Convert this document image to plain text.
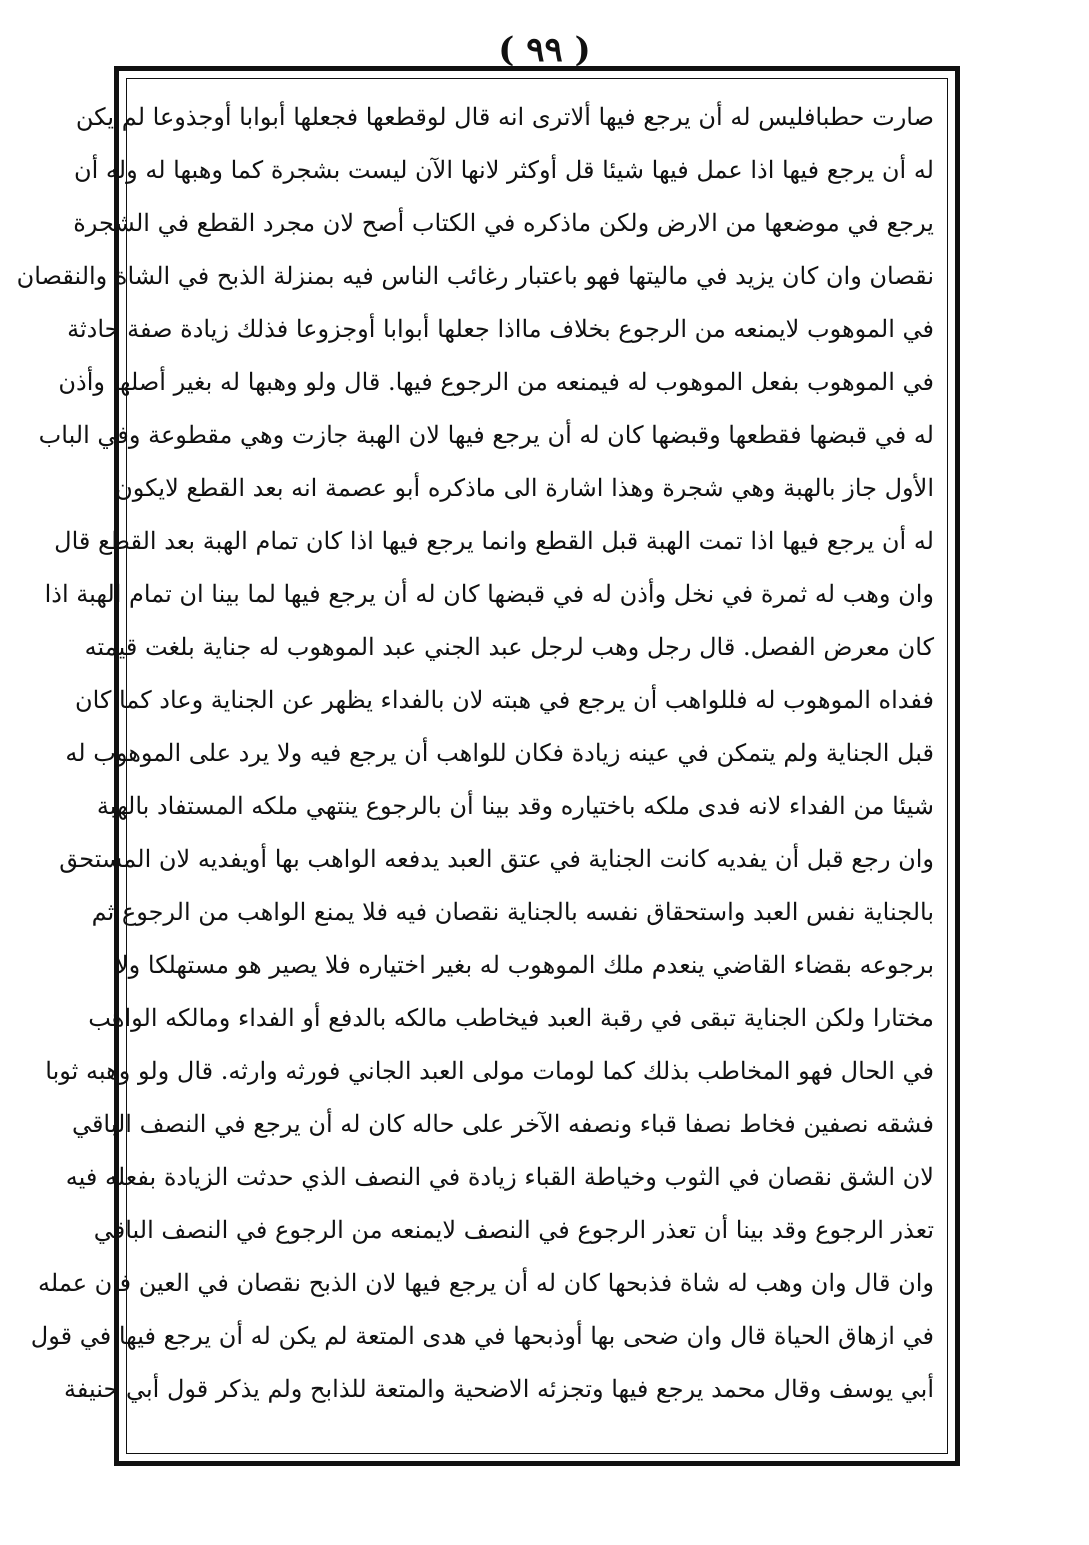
( ٩٩ )
صارت حطبافليس له أن يرجع فيها ألاترى انه قال لوقطعها فجعلها أبوابا أوجذوعا لم يكن
له أن يرجع فيها اذا عمل فيها شيئا قل أوكثر لانها الآن ليست بشجرة كما وهبها له وله أن
يرجع في موضعها من الارض ولكن ماذكره في الكتاب أصح لان مجرد القطع في الشجرة
نقصان وان كان يزيد في ماليتها فهو باعتبار رغائب الناس فيه بمنزلة الذبح في الشاة والنقصان
في الموهوب لايمنعه من الرجوع بخلاف مااذا جعلها أبوابا أوجزوعا فذلك زيادة صفة حادثة
في الموهوب بفعل الموهوب له فيمنعه من الرجوع فيها. قال ولو وهبها له بغير أصلها وأذن
له في قبضها فقطعها وقبضها كان له أن يرجع فيها لان الهبة جازت وهي مقطوعة وفي الباب
الأول جاز بالهبة وهي شجرة وهذا اشارة الى ماذكره أبو عصمة انه بعد القطع لايكون
له أن يرجع فيها اذا تمت الهبة قبل القطع وانما يرجع فيها اذا كان تمام الهبة بعد القطع قال
وان وهب له ثمرة في نخل وأذن له في قبضها كان له أن يرجع فيها لما بينا ان تمام الهبة اذا
كان معرض الفصل. قال رجل وهب لرجل عبد الجني عبد الموهوب له جناية بلغت قيمته
ففداه الموهوب له فللواهب أن يرجع في هبته لان بالفداء يظهر عن الجناية وعاد كما كان
قبل الجناية ولم يتمكن في عينه زيادة فكان للواهب أن يرجع فيه ولا يرد على الموهوب له
شيئا من الفداء لانه فدى ملكه باختياره وقد بينا أن بالرجوع ينتهي ملكه المستفاد بالهبة
وان رجع قبل أن يفديه كانت الجناية في عتق العبد يدفعه الواهب بها أويفديه لان المستحق
بالجناية نفس العبد واستحقاق نفسه بالجناية نقصان فيه فلا يمنع الواهب من الرجوع ثم
برجوعه بقضاء القاضي ينعدم ملك الموهوب له بغير اختياره فلا يصير هو مستهلكا ولا
مختارا ولكن الجناية تبقى في رقبة العبد فيخاطب مالكه بالدفع أو الفداء ومالكه الواهب
في الحال فهو المخاطب بذلك كما لومات مولى العبد الجاني فورثه وارثه. قال ولو وهبه ثوبا
فشقه نصفين فخاط نصفا قباء ونصفه الآخر على حاله كان له أن يرجع في النصف الباقي
لان الشق نقصان في الثوب وخياطة القباء زيادة في النصف الذي حدثت الزيادة بفعله فيه
تعذر الرجوع وقد بينا أن تعذر الرجوع في النصف لايمنعه من الرجوع في النصف الباقي
وان قال وان وهب له شاة فذبحها كان له أن يرجع فيها لان الذبح نقصان في العين فان عمله
في ازهاق الحياة قال وان ضحى بها أوذبحها في هدى المتعة لم يكن له أن يرجع فيها في قول
أبي يوسف وقال محمد يرجع فيها وتجزئه الاضحية والمتعة للذابح ولم يذكر قول أبي حنيفة
